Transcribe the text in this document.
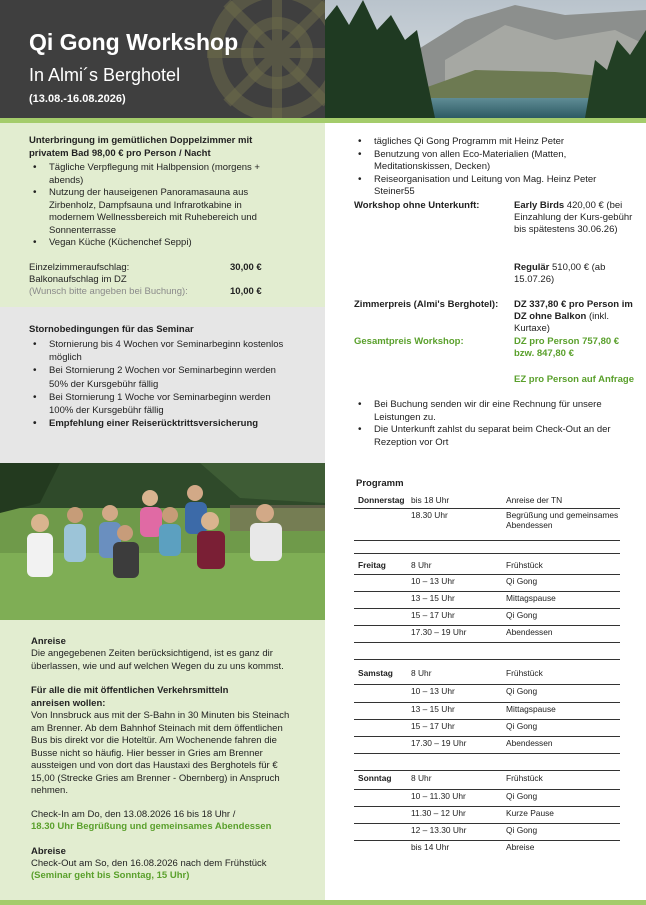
Qi Gong Workshop
In Almi´s Berghotel
(13.08.-16.08.2026)
Unterbringung im gemütlichen Doppelzimmer mit privatem Bad 98,00 € pro Person / Nacht
• Tägliche Verpflegung mit Halbpension (morgens + abends)
• Nutzung der hauseigenen Panoramasauna aus Zirbenholz, Dampfsauna und Infrarotkabine in modernem Wellnessbereich mit Ruhebereich und Sonnenterrasse
• Vegan Küche (Küchenchef Seppi)
Einzelzimmeraufschlag:	30,00 €
Balkonaufschlag im DZ
(Wunsch bitte angeben bei Buchung):	10,00 €
Stornobedingungen für das Seminar
• Stornierung bis 4 Wochen vor Seminarbeginn kostenlos möglich
• Bei Stornierung 2 Wochen vor Seminarbeginn werden 50% der Kursgebühr fällig
• Bei Stornierung 1 Woche vor Seminarbeginn werden 100% der Kursgebühr fällig
• Empfehlung einer Reiserücktrittsversicherung
• tägliches Qi Gong Programm mit Heinz Peter
• Benutzung von allen Eco-Materialien (Matten, Meditationskissen, Decken)
• Reiseorganisation und Leitung von Mag. Heinz Peter Steiner55
Workshop ohne Unterkunft:	Early Birds 420,00 € (bei Einzahlung der Kurs-gebühr bis spätestens 30.06.26)
Regulär 510,00 € (ab 15.07.26)
Zimmerpreis (Almi's Berghotel): DZ 337,80 € pro Person im DZ ohne Balkon (inkl. Kurtaxe)
Gesamtpreis Workshop:	DZ pro Person 757,80 € bzw. 847,80 €
EZ pro Person auf Anfrage
• Bei Buchung senden wir dir eine Rechnung für unsere Leistungen zu.
• Die Unterkunft zahlst du separat beim Check-Out an der Rezeption vor Ort
Programm
Donnerstag bis 18 Uhr	Anreise der TN
18.30 Uhr	Begrüßung und gemeinsames Abendessen
Freitag	8 Uhr	Frühstück
10 – 13 Uhr	Qi Gong
13 – 15 Uhr	Mittagspause
15 – 17 Uhr	Qi Gong
17.30 – 19 Uhr	Abendessen
Samstag 8 Uhr	Frühstück
10 – 13 Uhr	Qi Gong
13 – 15 Uhr	Mittagspause
15 – 17 Uhr	Qi Gong
17.30 – 19 Uhr	Abendessen
Sonntag 8 Uhr	Frühstück
10 – 11.30 Uhr	Qi Gong
11.30 – 12 Uhr	Kurze Pause
12 – 13.30 Uhr	Qi Gong
bis 14 Uhr	Abreise
Anreise
Die angegebenen Zeiten berücksichtigend, ist es ganz dir überlassen, wie und auf welchen Wegen du zu uns kommst.
Für alle die mit öffentlichen Verkehrsmitteln anreisen wollen:
Von Innsbruck aus mit der S-Bahn in 30 Minuten bis Steinach am Brenner. Ab dem Bahnhof Steinach mit dem öffentlichen Bus bis direkt vor die Hoteltür. Am Wochenende fahren die Busse nicht so häufig. Hier besser in Gries am Brenner aussteigen und von dort das Haustaxi des Berghotels für € 15,00 (Strecke Gries am Brenner - Obernberg) in Anspruch nehmen.
Check-In am Do, den 13.08.2026 16 bis 18 Uhr /
18.30 Uhr Begrüßung und gemeinsames Abendessen
Abreise
Check-Out am So, den 16.08.2026 nach dem Frühstück
(Seminar geht bis Sonntag, 15 Uhr)
